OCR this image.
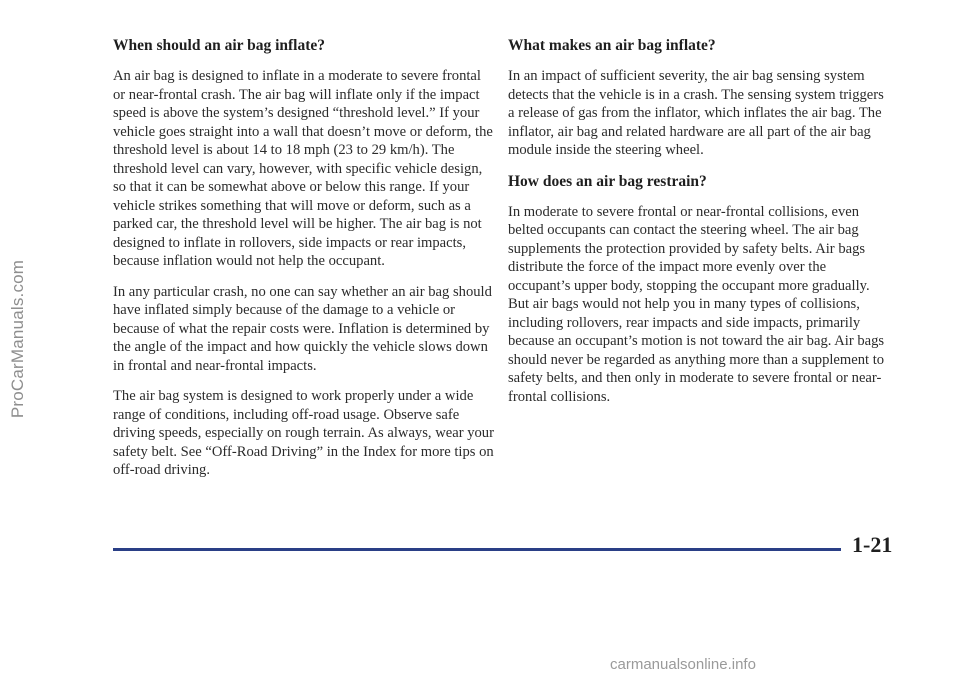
ProCarManuals.com
When should an air bag inflate?

An air bag is designed to inflate in a moderate to severe frontal or near-frontal crash. The air bag will inflate only if the impact speed is above the system’s designed “threshold level.” If your vehicle goes straight into a wall that doesn’t move or deform, the threshold level is about 14 to 18 mph (23 to 29 km/h). The threshold level can vary, however, with specific vehicle design, so that it can be somewhat above or below this range. If your vehicle strikes something that will move or deform, such as a parked car, the threshold level will be higher. The air bag is not designed to inflate in rollovers, side impacts or rear impacts, because inflation would not help the occupant.

In any particular crash, no one can say whether an air bag should have inflated simply because of the damage to a vehicle or because of what the repair costs were. Inflation is determined by the angle of the impact and how quickly the vehicle slows down in frontal and near-frontal impacts.

The air bag system is designed to work properly under a wide range of conditions, including off-road usage. Observe safe driving speeds, especially on rough terrain. As always, wear your safety belt. See “Off-Road Driving” in the Index for more tips on off-road driving.

What makes an air bag inflate?

In an impact of sufficient severity, the air bag sensing system detects that the vehicle is in a crash. The sensing system triggers a release of gas from the inflator, which inflates the air bag. The inflator, air bag and related hardware are all part of the air bag module inside the steering wheel.

How does an air bag restrain?

In moderate to severe frontal or near-frontal collisions, even belted occupants can contact the steering wheel. The air bag supplements the protection provided by safety belts. Air bags distribute the force of the impact more evenly over the occupant’s upper body, stopping the occupant more gradually. But air bags would not help you in many types of collisions, including rollovers, rear impacts and side impacts, primarily because an occupant’s motion is not toward the air bag. Air bags should never be regarded as anything more than a supplement to safety belts, and then only in moderate to severe frontal or near-frontal collisions.

1-21
carmanualsonline.info
